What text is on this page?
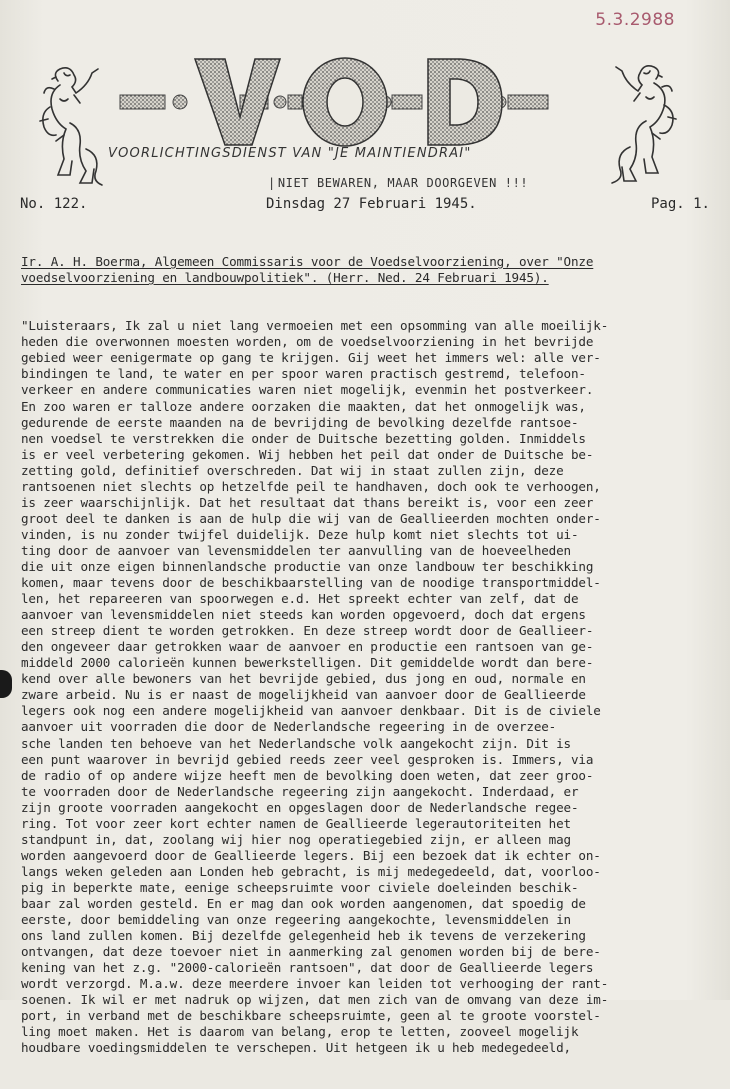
5.3.2988
VOORLICHTINGSDIENST VAN "JE MAINTIENDRAI"
| NIET BEWAREN, MAAR DOORGEVEN !!!
No. 122.	Dinsdag 27 Februari 1945.	Pag. 1.

Ir. A. H. Boerma, Algemeen Commissaris voor de Voedselvoorziening, over "Onze
voedselvoorziening en landbouwpolitiek". (Herr. Ned. 24 Februari 1945).

"Luisteraars, Ik zal u niet lang vermoeien met een opsomming van alle moeilijk-
heden die overwonnen moesten worden, om de voedselvoorziening in het bevrijde
gebied weer eenigermate op gang te krijgen. Gij weet het immers wel: alle ver-
bindingen te land, te water en per spoor waren practisch gestremd, telefoon-
verkeer en andere communicaties waren niet mogelijk, evenmin het postverkeer.
En zoo waren er talloze andere oorzaken die maakten, dat het onmogelijk was,
gedurende de eerste maanden na de bevrijding de bevolking dezelfde rantsoe-
nen voedsel te verstrekken die onder de Duitsche bezetting golden. Inmiddels
is er veel verbetering gekomen. Wij hebben het peil dat onder de Duitsche be-
zetting gold, definitief overschreden. Dat wij in staat zullen zijn, deze
rantsoenen niet slechts op hetzelfde peil te handhaven, doch ook te verhoogen,
is zeer waarschijnlijk. Dat het resultaat dat thans bereikt is, voor een zeer
groot deel te danken is aan de hulp die wij van de Geallieerden mochten onder-
vinden, is nu zonder twijfel duidelijk. Deze hulp komt niet slechts tot ui-
ting door de aanvoer van levensmiddelen ter aanvulling van de hoeveelheden
die uit onze eigen binnenlandsche productie van onze landbouw ter beschikking
komen, maar tevens door de beschikbaarstelling van de noodige transportmiddel-
len, het repareeren van spoorwegen e.d. Het spreekt echter van zelf, dat de
aanvoer van levensmiddelen niet steeds kan worden opgevoerd, doch dat ergens
een streep dient te worden getrokken. En deze streep wordt door de Geallieer-
den ongeveer daar getrokken waar de aanvoer en productie een rantsoen van ge-
middeld 2000 calorieën kunnen bewerkstelligen. Dit gemiddelde wordt dan bere-
kend over alle bewoners van het bevrijde gebied, dus jong en oud, normale en
zware arbeid. Nu is er naast de mogelijkheid van aanvoer door de Geallieerde
legers ook nog een andere mogelijkheid van aanvoer denkbaar. Dit is de civiele
aanvoer uit voorraden die door de Nederlandsche regeering in de overzee-
sche landen ten behoeve van het Nederlandsche volk aangekocht zijn. Dit is
een punt waarover in bevrijd gebied reeds zeer veel gesproken is. Immers, via
de radio of op andere wijze heeft men de bevolking doen weten, dat zeer groo-
te voorraden door de Nederlandsche regeering zijn aangekocht. Inderdaad, er
zijn groote voorraden aangekocht en opgeslagen door de Nederlandsche regee-
ring. Tot voor zeer kort echter namen de Geallieerde legerautoriteiten het
standpunt in, dat, zoolang wij hier nog operatiegebied zijn, er alleen mag
worden aangevoerd door de Geallieerde legers. Bij een bezoek dat ik echter on-
langs weken geleden aan Londen heb gebracht, is mij medegedeeld, dat, voorloo-
pig in beperkte mate, eenige scheepsruimte voor civiele doeleinden beschik-
baar zal worden gesteld. En er mag dan ook worden aangenomen, dat spoedig de
eerste, door bemiddeling van onze regeering aangekochte, levensmiddelen in
ons land zullen komen. Bij dezelfde gelegenheid heb ik tevens de verzekering
ontvangen, dat deze toevoer niet in aanmerking zal genomen worden bij de bere-
kening van het z.g. "2000-calorieën rantsoen", dat door de Geallieerde legers
wordt verzorgd. M.a.w. deze meerdere invoer kan leiden tot verhooging der rant-
soenen. Ik wil er met nadruk op wijzen, dat men zich van de omvang van deze im-
port, in verband met de beschikbare scheepsruimte, geen al te groote voorstel-
ling moet maken. Het is daarom van belang, erop te letten, zooveel mogelijk
houdbare voedingsmiddelen te verschepen. Uit hetgeen ik u heb medegedeeld,
